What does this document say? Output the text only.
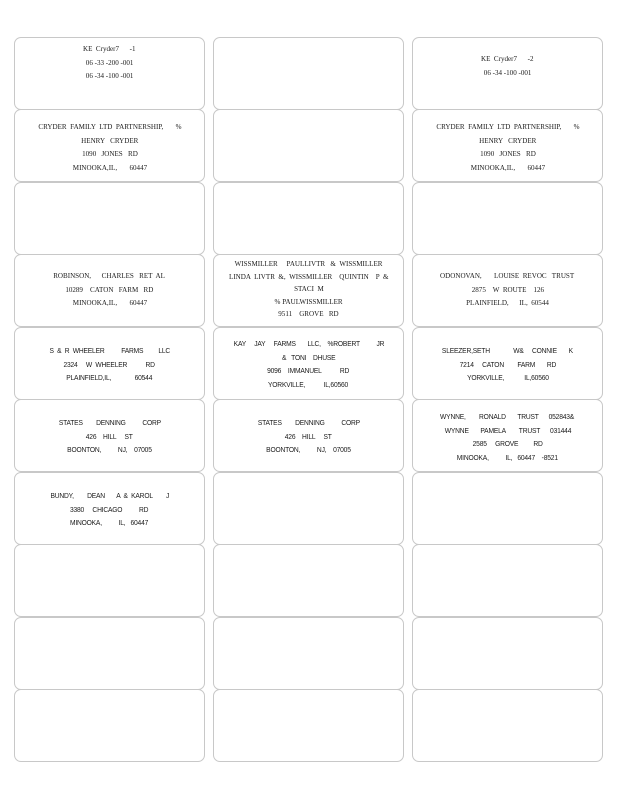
KE  Cryder7      -1
06 -33 -200 -001
06 -34 -100 -001
KE  Cryder7      -2
06 -34 -100 -001
CRYDER  FAMILY  LTD  PARTNERSHIP,       %
HENRY   CRYDER
1090   JONES   RD
MINOOKA,IL,       60447
CRYDER  FAMILY  LTD  PARTNERSHIP,       %
HENRY   CRYDER
1090   JONES   RD
MINOOKA,IL,       60447
ROBINSON,      CHARLES   RET  AL
10289    CATON   FARM   RD
MINOOKA,IL,       60447
WISSMILLER     PAULLIVTR   &  WISSMILLER
LINDA  LIVTR  &,  WISSMILLER    QUINTIN    P  &
STACI  M
% PAULWISSMILLER
9511    GROVE   RD
ODONOVAN,       LOUISE  REVOC   TRUST
2875    W  ROUTE    126
PLAINFIELD,      IL,  60544
S  &  R  WHEELER          FARMS         LLC
2324     W  WHEELER           RD
PLAINFIELD,IL,              60544
KAY     JAY     FARMS       LLC,    %ROBERT          JR
&   TONI    DHUSE
9096    IMMANUEL           RD
YORKVILLE,           IL,60560
SLEEZER,SETH              W&     CONNIE       K
7214     CATON        FARM       RD
YORKVILLE,            IL,60560
STATES        DENNING          CORP
426    HILL     ST
BOONTON,          NJ,    07005
STATES        DENNING          CORP
426    HILL     ST
BOONTON,          NJ,    07005
WYNNE,        RONALD       TRUST      052843&
WYNNE       PAMELA        TRUST      031444
2585     GROVE         RD
MINOOKA,          IL,   60447    -8521
BUNDY,        DEAN       A  &  KAROL        J
3380     CHICAGO          RD
MINOOKA,          IL,   60447
